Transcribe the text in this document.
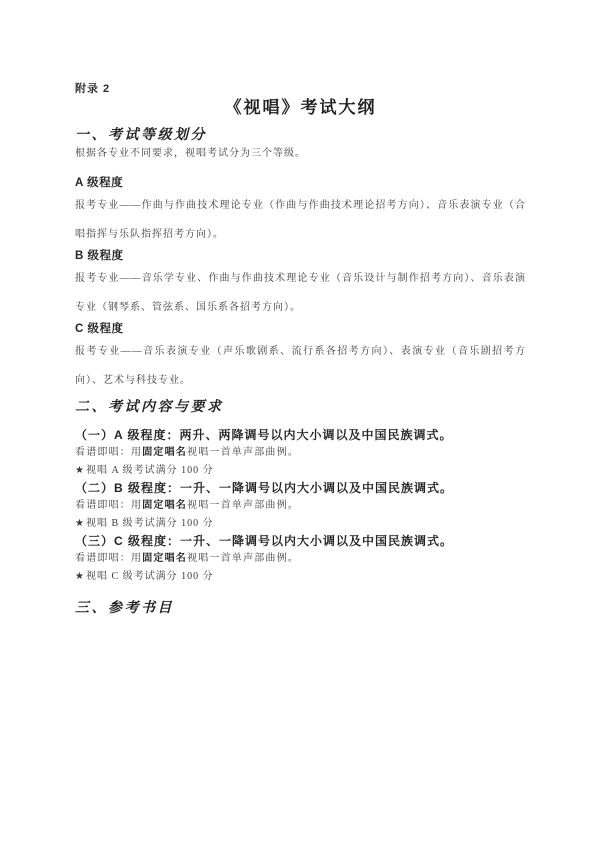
附录 2

《视唱》考试大纲
一、考试等级划分

根据各专业不同要求，视唱考试分为三个等级。

A 级程度

报考专业——作曲与作曲技术理论专业（作曲与作曲技术理论招考方向）、音乐表演专业（合唱指挥与乐队指挥招考方向）。

B 级程度

报考专业——音乐学专业、作曲与作曲技术理论专业（音乐设计与制作招考方向）、音乐表演专业（钢琴系、管弦系、国乐系各招考方向）。

C 级程度

报考专业——音乐表演专业（声乐歌剧系、流行系各招考方向）、表演专业（音乐剧招考方向）、艺术与科技专业。

二、考试内容与要求
（一）A 级程度：两升、两降调号以内大小调以及中国民族调式。

看谱即唱：用固定唱名视唱一首单声部曲例。

★视唱 A 级考试满分 100 分

（二）B 级程度：一升、一降调号以内大小调以及中国民族调式。

看谱即唱：用固定唱名视唱一首单声部曲例。

★视唱 B 级考试满分 100 分

（三）C 级程度：一升、一降调号以内大小调以及中国民族调式。

看谱即唱：用固定唱名视唱一首单声部曲例。

★视唱 C 级考试满分 100 分

三、参考书目
